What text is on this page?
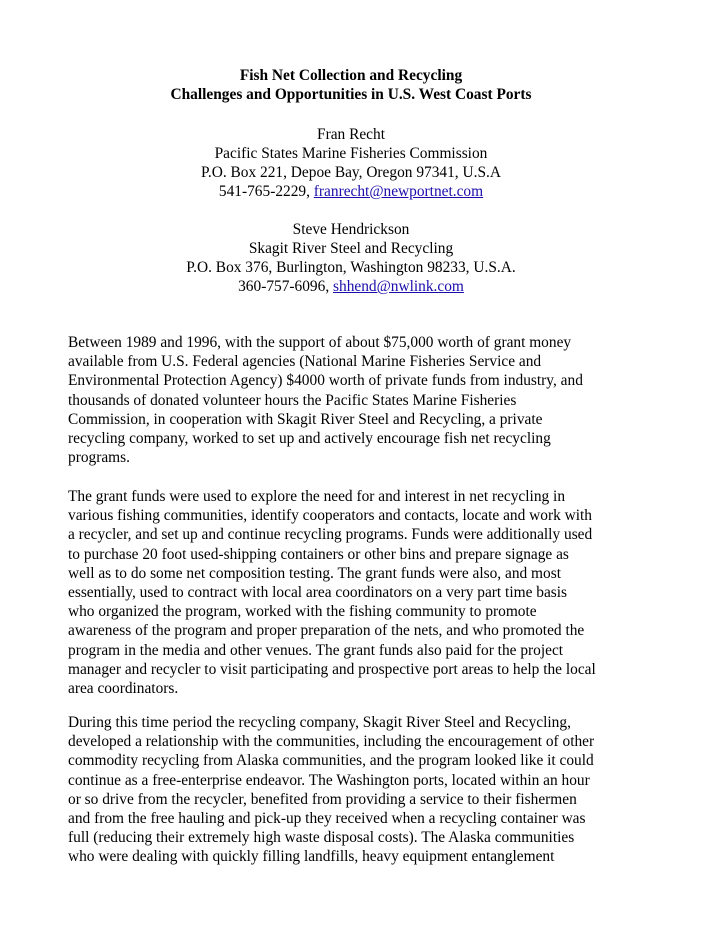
Fish Net Collection and Recycling
Challenges and Opportunities in U.S. West Coast Ports
Fran Recht
Pacific States Marine Fisheries Commission
P.O. Box 221, Depoe Bay, Oregon 97341, U.S.A
541-765-2229, franrecht@newportnet.com
Steve Hendrickson
Skagit River Steel and Recycling
P.O. Box 376, Burlington, Washington 98233, U.S.A.
360-757-6096, shhend@nwlink.com

Between 1989 and 1996, with the support of about $75,000 worth of grant money
available from U.S. Federal agencies (National Marine Fisheries Service and
Environmental Protection Agency) $4000 worth of private funds from industry, and
thousands of donated volunteer hours the Pacific States Marine Fisheries
Commission, in cooperation with Skagit River Steel and Recycling, a private
recycling company, worked to set up and actively encourage fish net recycling
programs.

The grant funds were used to explore the need for and interest in net recycling in
various fishing communities, identify cooperators and contacts, locate and work with
a recycler, and set up and continue recycling programs. Funds were additionally used
to purchase 20 foot used-shipping containers or other bins and prepare signage as
well as to do some net composition testing. The grant funds were also, and most
essentially, used to contract with local area coordinators on a very part time basis
who organized the program, worked with the fishing community to promote
awareness of the program and proper preparation of the nets, and who promoted the
program in the media and other venues. The grant funds also paid for the project
manager and recycler to visit participating and prospective port areas to help the local
area coordinators.

During this time period the recycling company, Skagit River Steel and Recycling,
developed a relationship with the communities, including the encouragement of other
commodity recycling from Alaska communities, and the program looked like it could
continue as a free-enterprise endeavor. The Washington ports, located within an hour
or so drive from the recycler, benefited from providing a service to their fishermen
and from the free hauling and pick-up they received when a recycling container was
full (reducing their extremely high waste disposal costs). The Alaska communities
who were dealing with quickly filling landfills, heavy equipment entanglement
